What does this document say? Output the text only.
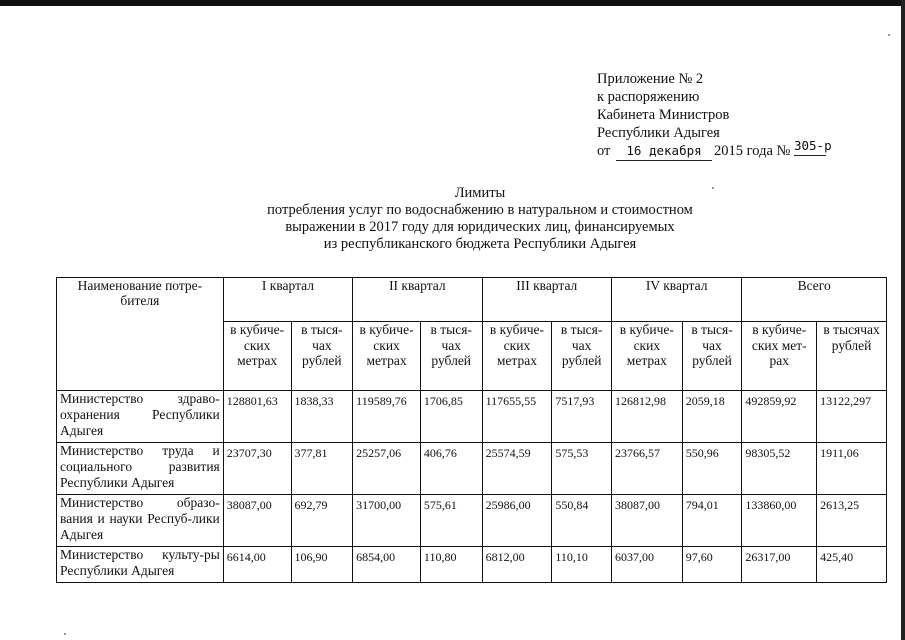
Приложение № 2
к распоряжению
Кабинета Министров
Республики Адыгея
от 16 декабря 2015 года № 305-р
Лимиты
потребления услуг по водоснабжению в натуральном и стоимостном
выражении в 2017 году для юридических лиц, финансируемых
из республиканского бюджета Республики Адыгея
Наименование потре-бителя	I квартал		II квартал		III квартал		IV квартал		Всего	
	в кубиче-ских метрах	в тыся-чах рублей	в кубиче-ских метрах	в тыся-чах рублей	в кубиче-ских метрах	в тыся-чах рублей	в кубиче-ских метрах	в тыся-чах рублей	в кубиче-ских мет-рах	в тысячах рублей
Министерство здраво-охранения Республики Адыгея	128801,63	1838,33	119589,76	1706,85	117655,55	7517,93	126812,98	2059,18	492859,92	13122,297
Министерство труда и социального развития Республики Адыгея	23707,30	377,81	25257,06	406,76	25574,59	575,53	23766,57	550,96	98305,52	1911,06
Министерство образо-вания и науки Респуб-лики Адыгея	38087,00	692,79	31700,00	575,61	25986,00	550,84	38087,00	794,01	133860,00	2613,25
Министерство культу-ры Республики Адыгея	6614,00	106,90	6854,00	110,80	6812,00	110,10	6037,00	97,60	26317,00	425,40
